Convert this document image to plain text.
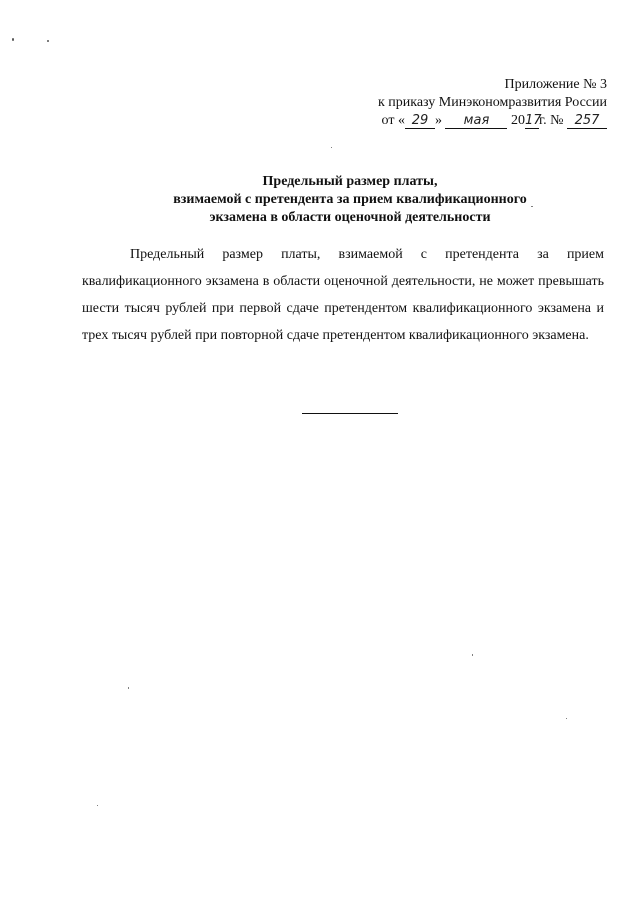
Приложение № 3
к приказу Минэкономразвития России
от « 29 » мая 2017г. № 257
Предельный размер платы,
взимаемой с претендента за прием квалификационного
экзамена в области оценочной деятельности
Предельный размер платы, взимаемой с претендента за прием квалификационного экзамена в области оценочной деятельности, не может превышать шести тысяч рублей при первой сдаче претендентом квалификационного экзамена и трех тысяч рублей при повторной сдаче претендентом квалификационного экзамена.
